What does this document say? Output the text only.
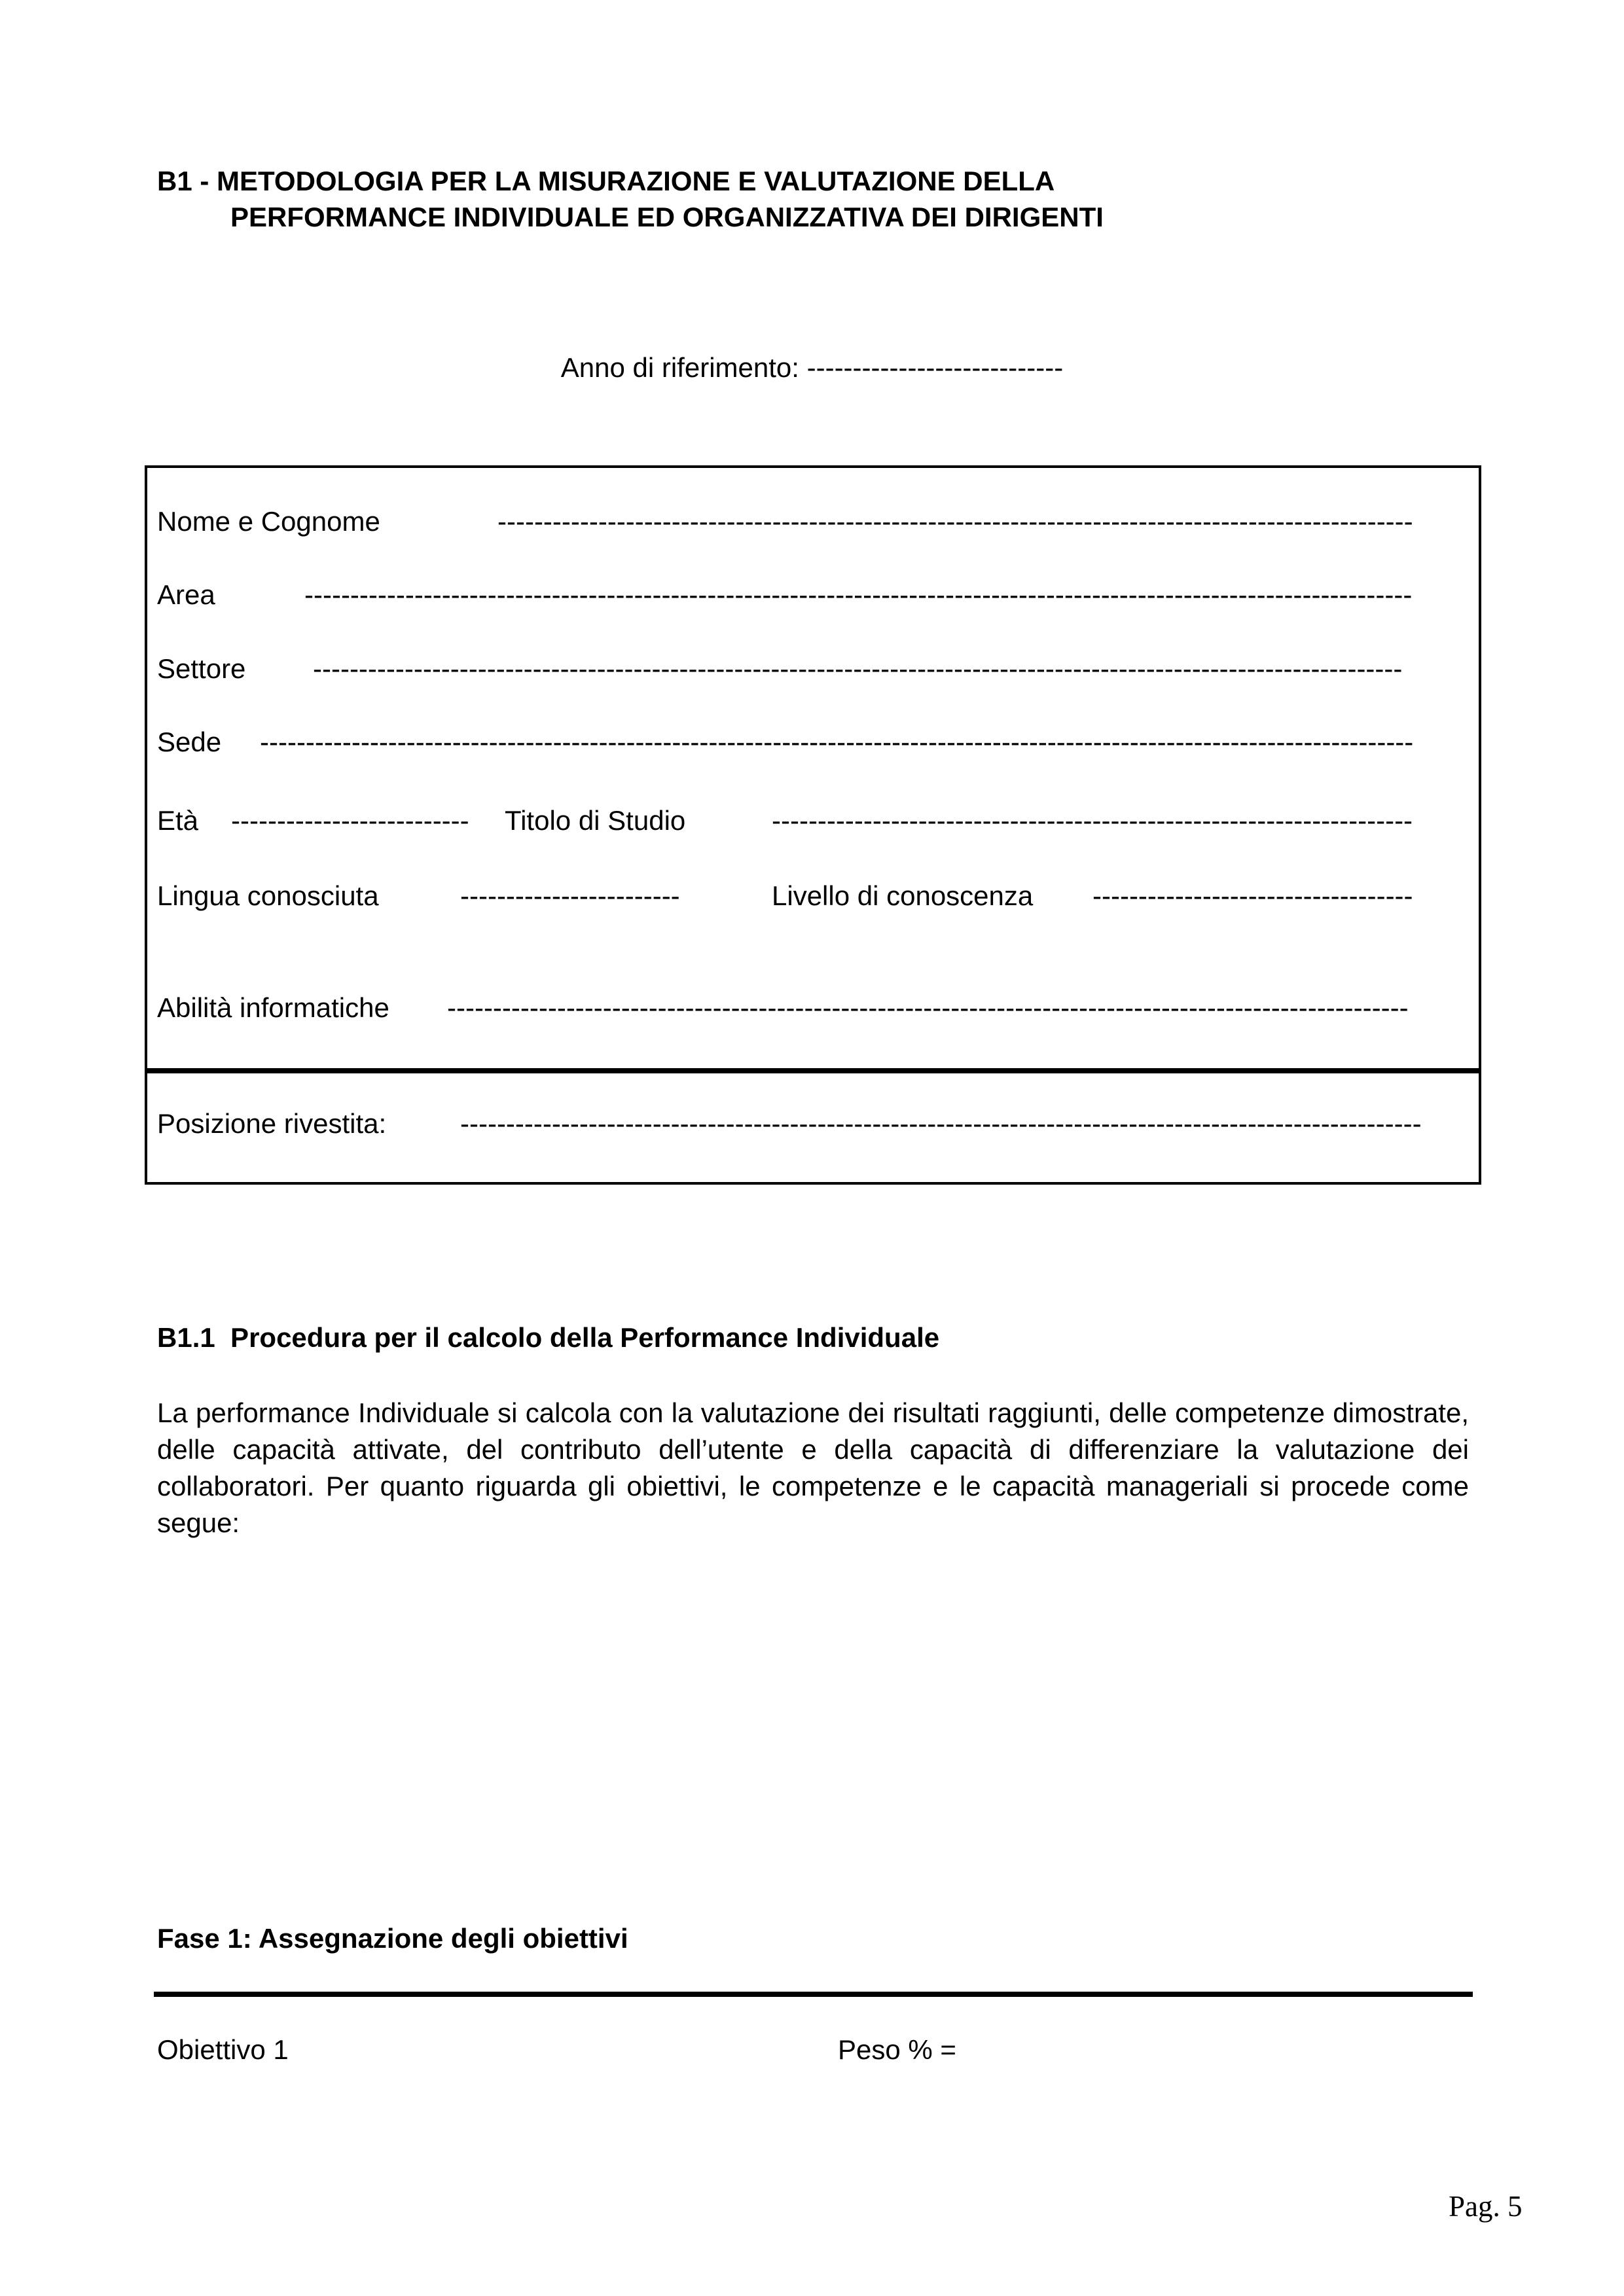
B1 - METODOLOGIA PER LA MISURAZIONE E VALUTAZIONE DELLA
PERFORMANCE INDIVIDUALE ED ORGANIZZATIVA DEI DIRIGENTI
Anno di riferimento: ----------------------------
Nome e Cognome	----------------------------------------------------------------------------------------------------
Area	-------------------------------------------------------------------------------------------------------------------------
Settore -----------------------------------------------------------------------------------------------------------------------
Sede ------------------------------------------------------------------------------------------------------------------------------
Età -------------------------- Titolo di Studio	----------------------------------------------------------------------
Lingua conosciuta	------------------------	Livello di conoscenza -----------------------------------
Abilità informatiche ---------------------------------------------------------------------------------------------------------
Posizione rivestita:	---------------------------------------------------------------------------------------------------------
B1.1  Procedura per il calcolo della Performance Individuale
La performance Individuale si calcola con la valutazione dei risultati raggiunti, delle competenze dimostrate, delle capacità attivate, del contributo dell’utente e della capacità di differenziare la valutazione dei collaboratori. Per quanto riguarda gli obiettivi, le competenze e le capacità manageriali si procede come segue:
Fase 1: Assegnazione degli obiettivi
Obiettivo 1	Peso % =
Pag. 5
